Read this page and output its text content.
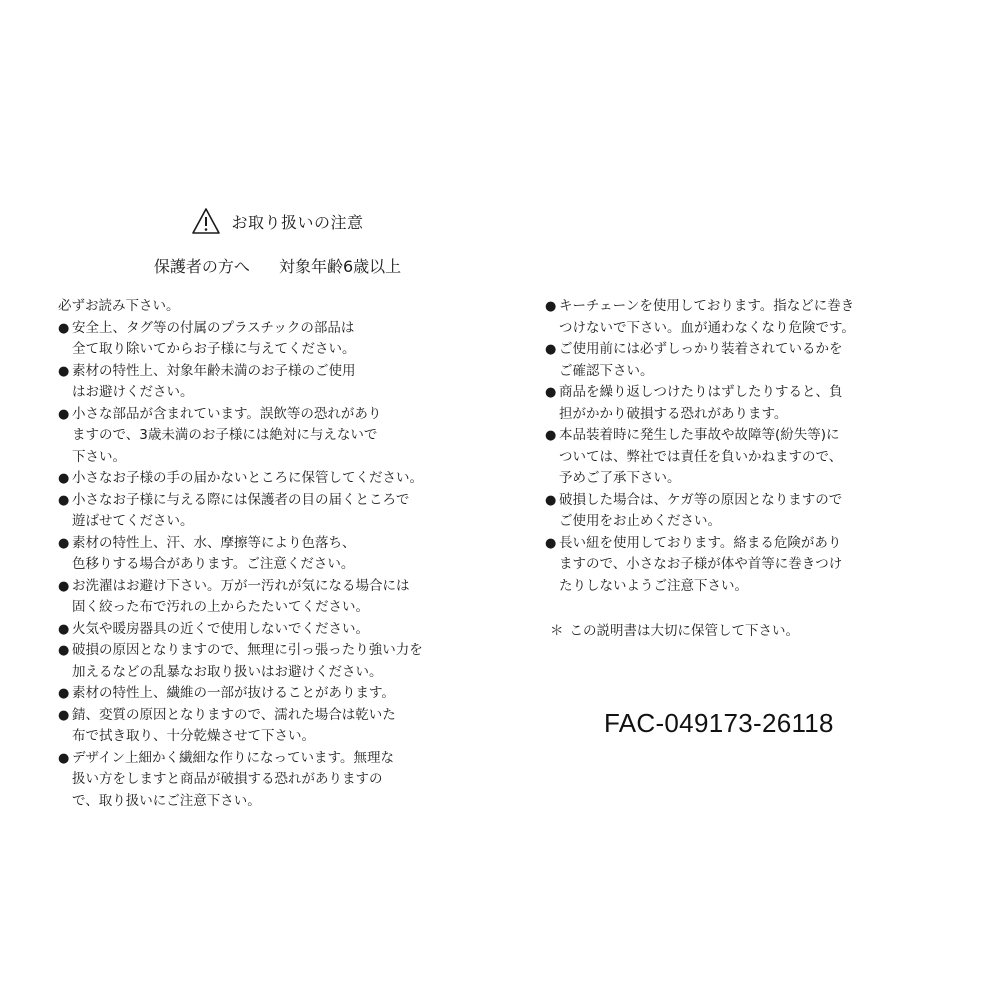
お取り扱いの注意
保護者の方へ 対象年齢6歳以上
必ずお読み下さい。
● 安全上、タグ等の付属のプラスチックの部品は
全て取り除いてからお子様に与えてください。
● 素材の特性上、対象年齢未満のお子様のご使用
はお避けください。
● 小さな部品が含まれています。誤飲等の恐れがあり
ますので、3歳未満のお子様には絶対に与えないで
下さい。
● 小さなお子様の手の届かないところに保管してください。
● 小さなお子様に与える際には保護者の目の届くところで
遊ばせてください。
● 素材の特性上、汗、水、摩擦等により色落ち、
色移りする場合があります。ご注意ください。
● お洗濯はお避け下さい。万が一汚れが気になる場合には
固く絞った布で汚れの上からたたいてください。
● 火気や暖房器具の近くで使用しないでください。
● 破損の原因となりますので、無理に引っ張ったり強い力を
加えるなどの乱暴なお取り扱いはお避けください。
● 素材の特性上、繊維の一部が抜けることがあります。
● 錆、変質の原因となりますので、濡れた場合は乾いた
布で拭き取り、十分乾燥させて下さい。
● デザイン上細かく繊細な作りになっています。無理な
扱い方をしますと商品が破損する恐れがありますの
で、取り扱いにご注意下さい。
● キーチェーンを使用しております。指などに巻き
つけないで下さい。血が通わなくなり危険です。
● ご使用前には必ずしっかり装着されているかを
ご確認下さい。
● 商品を繰り返しつけたりはずしたりすると、負
担がかかり破損する恐れがあります。
● 本品装着時に発生した事故や故障等(紛失等)に
ついては、弊社では責任を負いかねますので、
予めご了承下さい。
● 破損した場合は、ケガ等の原因となりますので
ご使用をお止めください。
● 長い紐を使用しております。絡まる危険があり
ますので、小さなお子様が体や首等に巻きつけ
たりしないようご注意下さい。
＊ この説明書は大切に保管して下さい。
FAC-049173-26118
